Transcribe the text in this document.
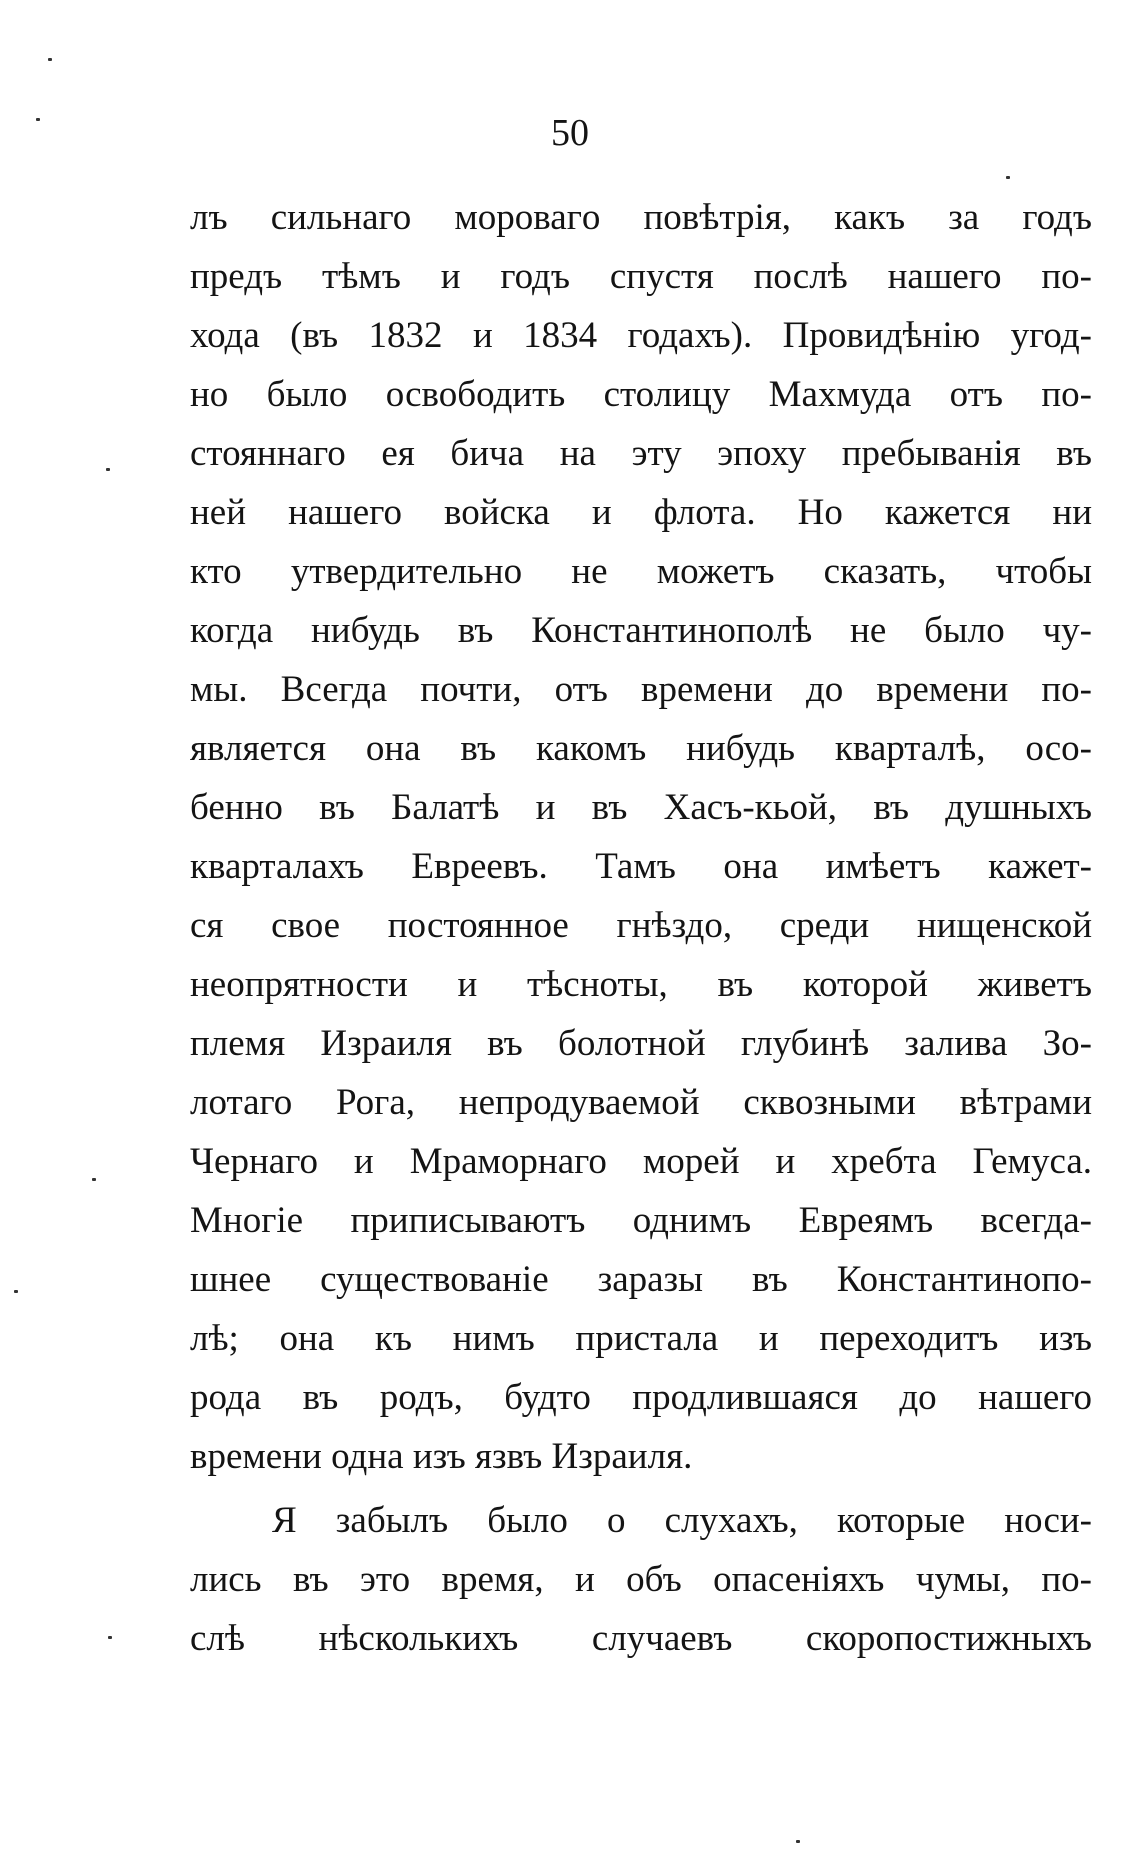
50
лъ сильнаго моровагo повѣтрія, какъ за годъ
предъ тѣмъ и годъ спустя послѣ нашего по-
хода (въ 1832 и 1834 годахъ). Провидѣнію угод-
но было освободить столицу Махмуда отъ по-
стояннаго ея бича на эту эпоху пребыванія въ
ней нашего войска и флота. Но кажется ни
кто утвердительно не можетъ сказать, чтобы
когда нибудь въ Константинополѣ не было чу-
мы. Всегда почти, отъ времени до времени по-
является она въ какомъ нибудь кварталѣ, осо-
бенно въ Балатѣ и въ Хасъ-кьой, въ душныхъ
кварталахъ Евреевъ. Тамъ она имѣетъ кажет-
ся свое постоянное гнѣздо, среди нищенской
неопрятности и тѣсноты, въ которой живетъ
племя Израиля въ болотной глубинѣ залива Зо-
лотаго Рога, непродуваемой сквозными вѣтрами
Чернаго и Мраморнаго морей и хребта Гемуса.
Многіе приписываютъ однимъ Евреямъ всегда-
шнее существованіе заразы въ Константинопо-
лѣ; она къ нимъ пристала и переходитъ изъ
рода въ родъ, будто продлившаяся до нашего
времени одна изъ язвъ Израиля.
Я забылъ было о слухахъ, которые носи-
лись въ это время, и объ опасеніяхъ чумы, по-
слѣ нѣсколькихъ случаевъ скоропостижныхъ
